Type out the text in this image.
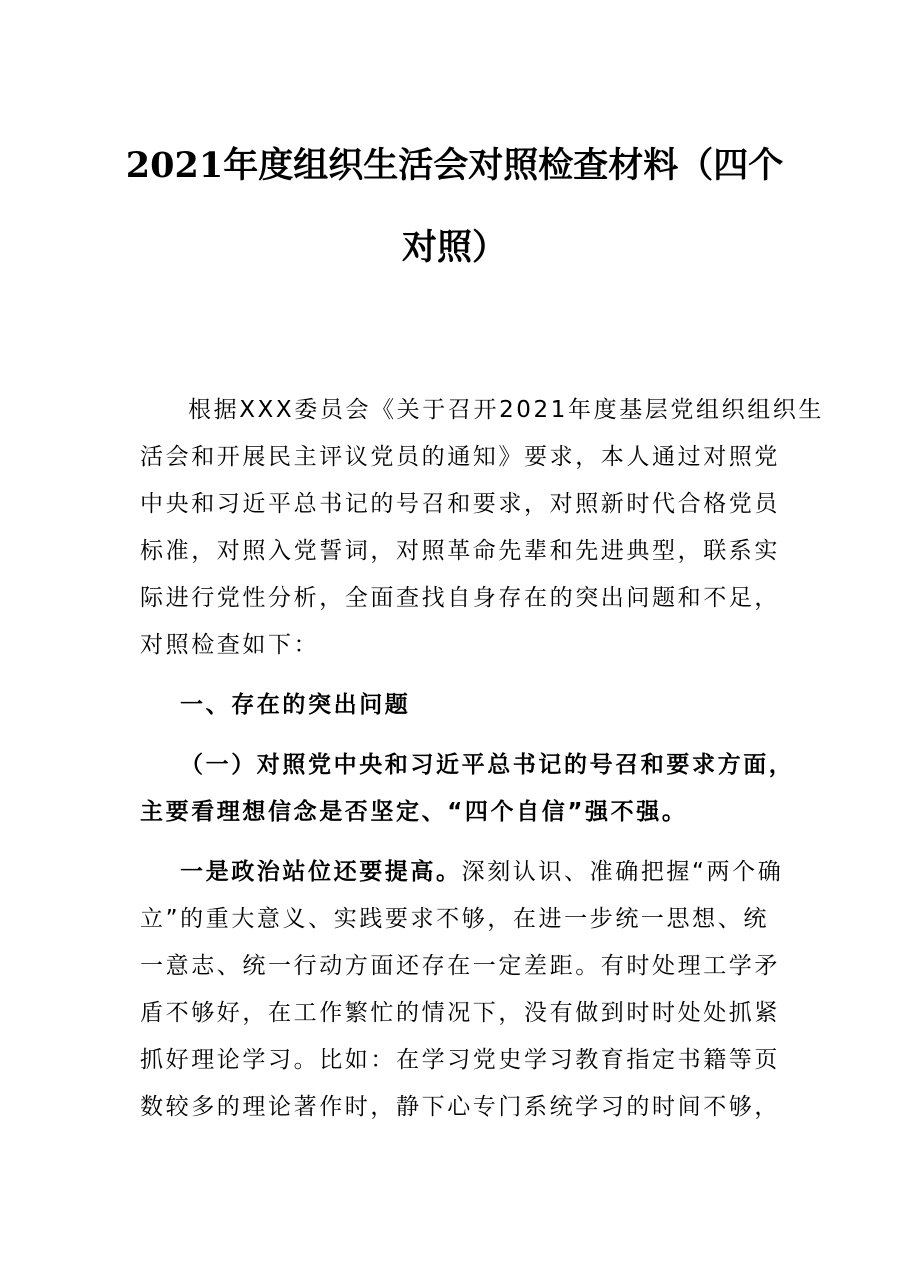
2021年度组织生活会对照检查材料（四个
对照）
根据XXX委员会《关于召开2021年度基层党组织组织生
活会和开展民主评议党员的通知》要求，本人通过对照党
中央和习近平总书记的号召和要求，对照新时代合格党员
标准，对照入党誓词，对照革命先辈和先进典型，联系实
际进行党性分析，全面查找自身存在的突出问题和不足，
对照检查如下：
一、存在的突出问题
（一）对照党中央和习近平总书记的号召和要求方面，
主要看理想信念是否坚定、“四个自信”强不强。
一是政治站位还要提高。深刻认识、准确把握“两个确
立”的重大意义、实践要求不够，在进一步统一思想、统
一意志、统一行动方面还存在一定差距。有时处理工学矛
盾不够好，在工作繁忙的情况下，没有做到时时处处抓紧
抓好理论学习。比如：在学习党史学习教育指定书籍等页
数较多的理论著作时，静下心专门系统学习的时间不够，
